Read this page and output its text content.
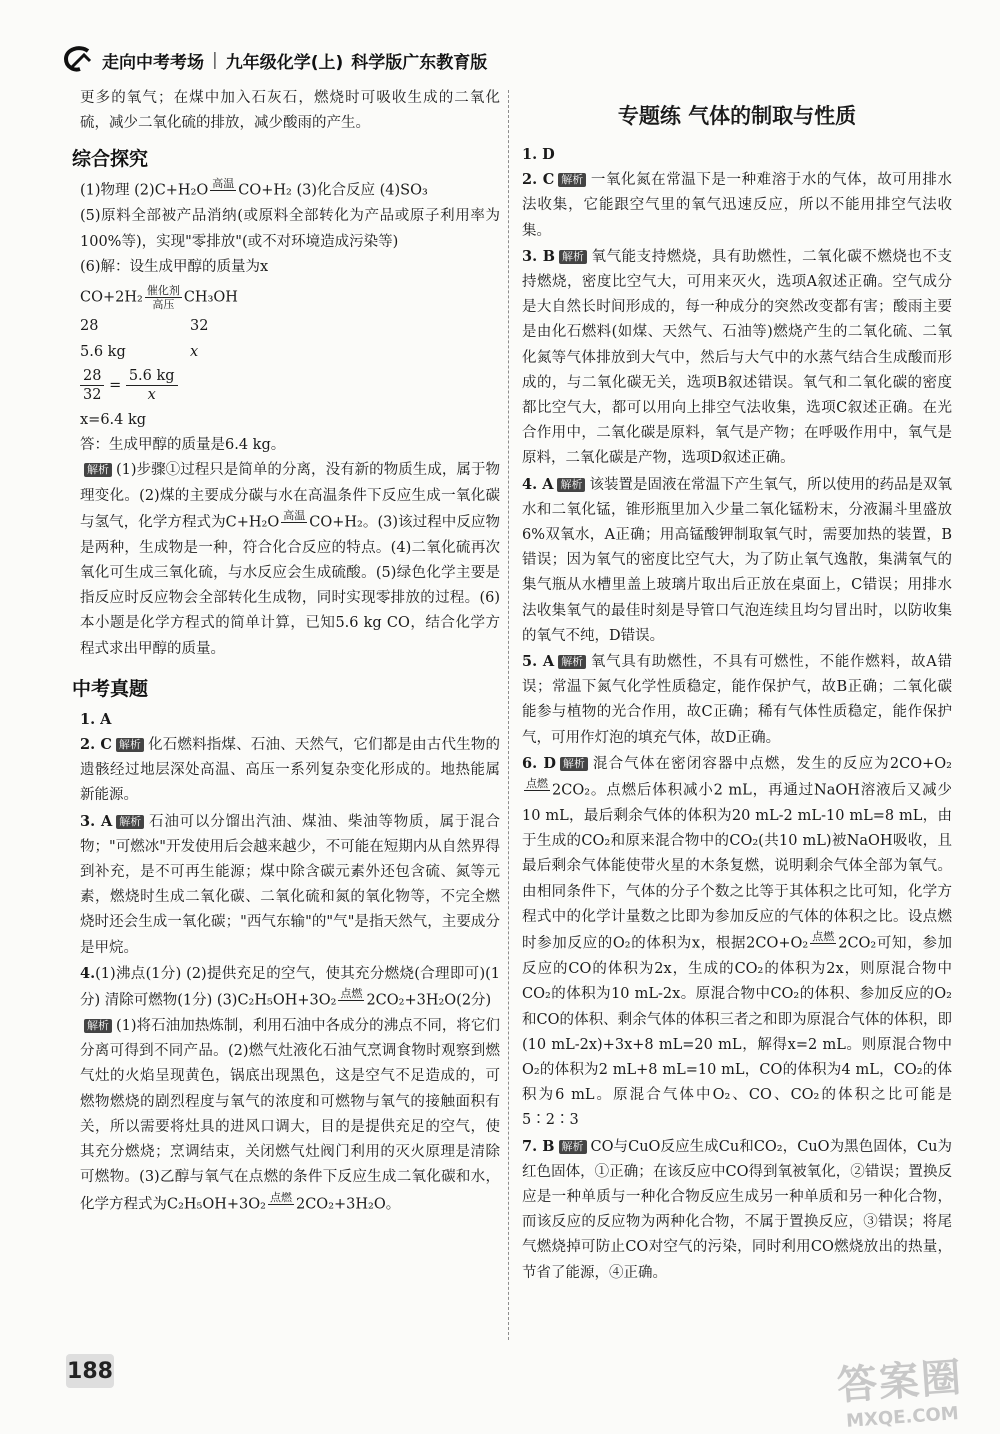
走向中考考场 | 九年级化学(上) 科学版广东教育版

更多的氧气；在煤中加入石灰石，燃烧时可吸收生成的二氧化硫，减少二氧化硫的排放，减少酸雨的产生。

综合探究

(1)物理 (2)C+H₂O 高温
CO+H₂ (3)化合反应 (4)SO₃

(5)原料全部被产品消纳(或原料全部转化为产品或原子利用率为100%等)，实现"零排放"(或不对环境造成污染等)

(6)解：设生成甲醇的质量为x

CO+2H₂ 催化剂
高压 CH₃OH
28	32
5.6 kg	x
$\frac{28}{32} = \frac{5.6 kg}{x}$

x=6.4 kg

答：生成甲醇的质量是6.4 kg。

解析 (1)步骤①过程只是简单的分离，没有新的物质生成，属于物理变化。(2)煤的主要成分碳与水在高温条件下反应生成一氧化碳与氢气，化学方程式为C+H₂O 高温
CO+H₂。(3)该过程中反应物是两种，生成物是一种，符合化合反应的特点。(4)二氧化硫再次氧化可生成三氧化硫，与水反应会生成硫酸。(5)绿色化学主要是指反应时反应物会全部转化生成物，同时实现零排放的过程。(6)本小题是化学方程式的简单计算，已知5.6 kg CO，结合化学方程式求出甲醇的质量。

中考真题

1. A

2. C 解析 化石燃料指煤、石油、天然气，它们都是由古代生物的遗骸经过地层深处高温、高压一系列复杂变化形成的。地热能属新能源。

3. A 解析 石油可以分馏出汽油、煤油、柴油等物质，属于混合物；"可燃冰"开发使用后会越来越少，不可能在短期内从自然界得到补充，是不可再生能源；煤中除含碳元素外还包含硫、氮等元素，燃烧时生成二氧化碳、二氧化硫和氮的氧化物等，不完全燃烧时还会生成一氧化碳；"西气东输"的"气"是指天然气，主要成分是甲烷。

4.(1)沸点(1分) (2)提供充足的空气，使其充分燃烧(合理即可)(1分) 清除可燃物(1分) (3)C₂H₅OH+3O₂ 点燃
2CO₂+3H₂O(2分)

解析 (1)将石油加热炼制，利用石油中各成分的沸点不同，将它们分离可得到不同产品。(2)燃气灶液化石油气烹调食物时观察到燃气灶的火焰呈现黄色，锅底出现黑色，这是空气不足造成的，可燃物燃烧的剧烈程度与氧气的浓度和可燃物与氧气的接触面积有关，所以需要将灶具的进风口调大，目的是提供充足的空气，使其充分燃烧；烹调结束，关闭燃气灶阀门利用的灭火原理是清除可燃物。(3)乙醇与氧气在点燃的条件下反应生成二氧化碳和水，化学方程式为C₂H₅OH+3O₂ 点燃
2CO₂+3H₂O。

专题练 气体的制取与性质

1. D

2. C 解析 一氧化氮在常温下是一种难溶于水的气体，故可用排水法收集，它能跟空气里的氧气迅速反应，所以不能用排空气法收集。

3. B 解析 氧气能支持燃烧，具有助燃性，二氧化碳不燃烧也不支持燃烧，密度比空气大，可用来灭火，选项A叙述正确。空气成分是大自然长时间形成的，每一种成分的突然改变都有害；酸雨主要是由化石燃料(如煤、天然气、石油等)燃烧产生的二氧化硫、二氧化氮等气体排放到大气中，然后与大气中的水蒸气结合生成酸而形成的，与二氧化碳无关，选项B叙述错误。氧气和二氧化碳的密度都比空气大，都可以用向上排空气法收集，选项C叙述正确。在光合作用中，二氧化碳是原料，氧气是产物；在呼吸作用中，氧气是原料，二氧化碳是产物，选项D叙述正确。

4. A 解析 该装置是固液在常温下产生氧气，所以使用的药品是双氧水和二氧化锰，锥形瓶里加入少量二氧化锰粉末，分液漏斗里盛放6%双氧水，A正确；用高锰酸钾制取氧气时，需要加热的装置，B错误；因为氧气的密度比空气大，为了防止氧气逸散，集满氧气的集气瓶从水槽里盖上玻璃片取出后正放在桌面上，C错误；用排水法收集氧气的最佳时刻是导管口气泡连续且均匀冒出时，以防收集的氧气不纯，D错误。

5. A 解析 氧气具有助燃性，不具有可燃性，不能作燃料，故A错误；常温下氮气化学性质稳定，能作保护气，故B正确；二氧化碳能参与植物的光合作用，故C正确；稀有气体性质稳定，能作保护气，可用作灯泡的填充气体，故D正确。

6. D 解析 混合气体在密闭容器中点燃，发生的反应为2CO+O₂
点燃
2CO₂。点燃后体积减小2 mL，再通过NaOH溶液后又减少10 mL，最后剩余气体的体积为20 mL-2 mL-10 mL=8 mL，由于生成的CO₂和原来混合物中的CO₂(共10 mL)被NaOH吸收，且最后剩余气体能使带火星的木条复燃，说明剩余气体全部为氧气。由相同条件下，气体的分子个数之比等于其体积之比可知，化学方程式中的化学计量数之比即为参加反应的气体的体积之比。设点燃时参加反应的O₂的体积为x，根据2CO+O₂ 点燃
2CO₂可知，参加反应的CO的体积为2x，生成的CO₂的体积为2x，则原混合物中CO₂的体积为10 mL-2x。原混合物中CO₂的体积、参加反应的O₂和CO的体积、剩余气体的体积三者之和即为原混合气体的体积，即(10 mL-2x)+3x+8 mL=20 mL，解得x=2 mL。则原混合物中O₂的体积为2 mL+8 mL=10 mL，CO的体积为4 mL，CO₂的体积为6 mL。原混合气体中O₂、CO、CO₂的体积之比可能是5∶2∶3

7. B 解析 CO与CuO反应生成Cu和CO₂，CuO为黑色固体，Cu为红色固体，①正确；在该反应中CO得到氧被氧化，②错误；置换反应是一种单质与一种化合物反应生成另一种单质和另一种化合物，而该反应的反应物为两种化合物，不属于置换反应，③错误；将尾气燃烧掉可防止CO对空气的污染，同时利用CO燃烧放出的热量，节省了能源，④正确。

188	答案圈
MXQE.COM
